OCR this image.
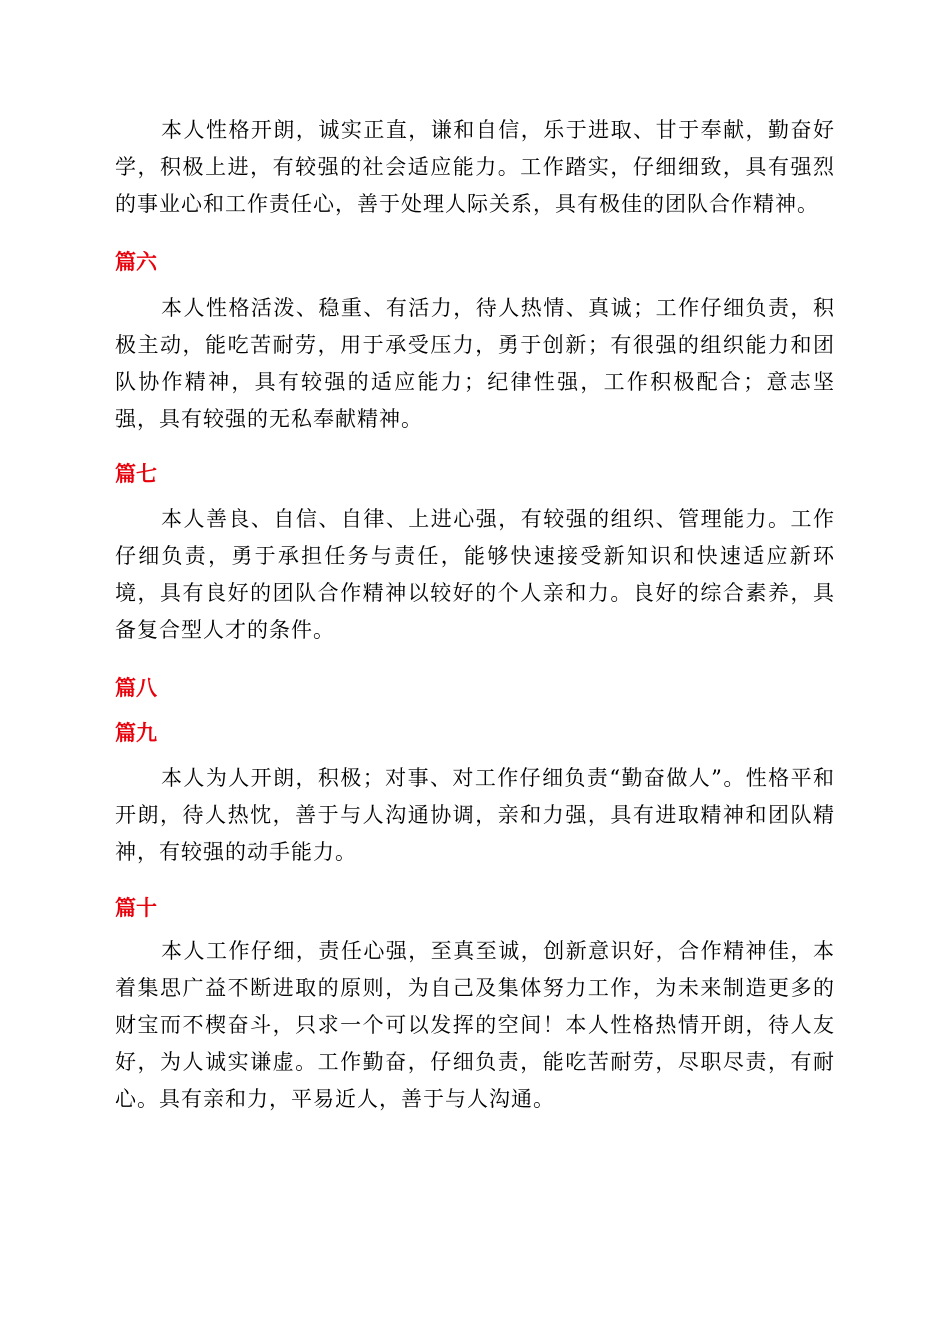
本人性格开朗，诚实正直，谦和自信，乐于进取、甘于奉献，勤奋好学，积极上进，有较强的社会适应能力。工作踏实，仔细细致，具有强烈的事业心和工作责任心，善于处理人际关系，具有极佳的团队合作精神。

篇六

本人性格活泼、稳重、有活力，待人热情、真诚；工作仔细负责，积极主动，能吃苦耐劳，用于承受压力，勇于创新；有很强的组织能力和团队协作精神，具有较强的适应能力；纪律性强，工作积极配合；意志坚强，具有较强的无私奉献精神。

篇七

本人善良、自信、自律、上进心强，有较强的组织、管理能力。工作仔细负责，勇于承担任务与责任，能够快速接受新知识和快速适应新环境，具有良好的团队合作精神以较好的个人亲和力。良好的综合素养，具备复合型人才的条件。

篇八
篇九

本人为人开朗，积极；对事、对工作仔细负责“勤奋做人”。性格平和开朗，待人热忱，善于与人沟通协调，亲和力强，具有进取精神和团队精神，有较强的动手能力。

篇十

本人工作仔细，责任心强，至真至诚，创新意识好，合作精神佳，本着集思广益不断进取的原则，为自己及集体努力工作，为未来制造更多的财宝而不楔奋斗，只求一个可以发挥的空间！本人性格热情开朗，待人友好，为人诚实谦虚。工作勤奋，仔细负责，能吃苦耐劳，尽职尽责，有耐心。具有亲和力，平易近人，善于与人沟通。
